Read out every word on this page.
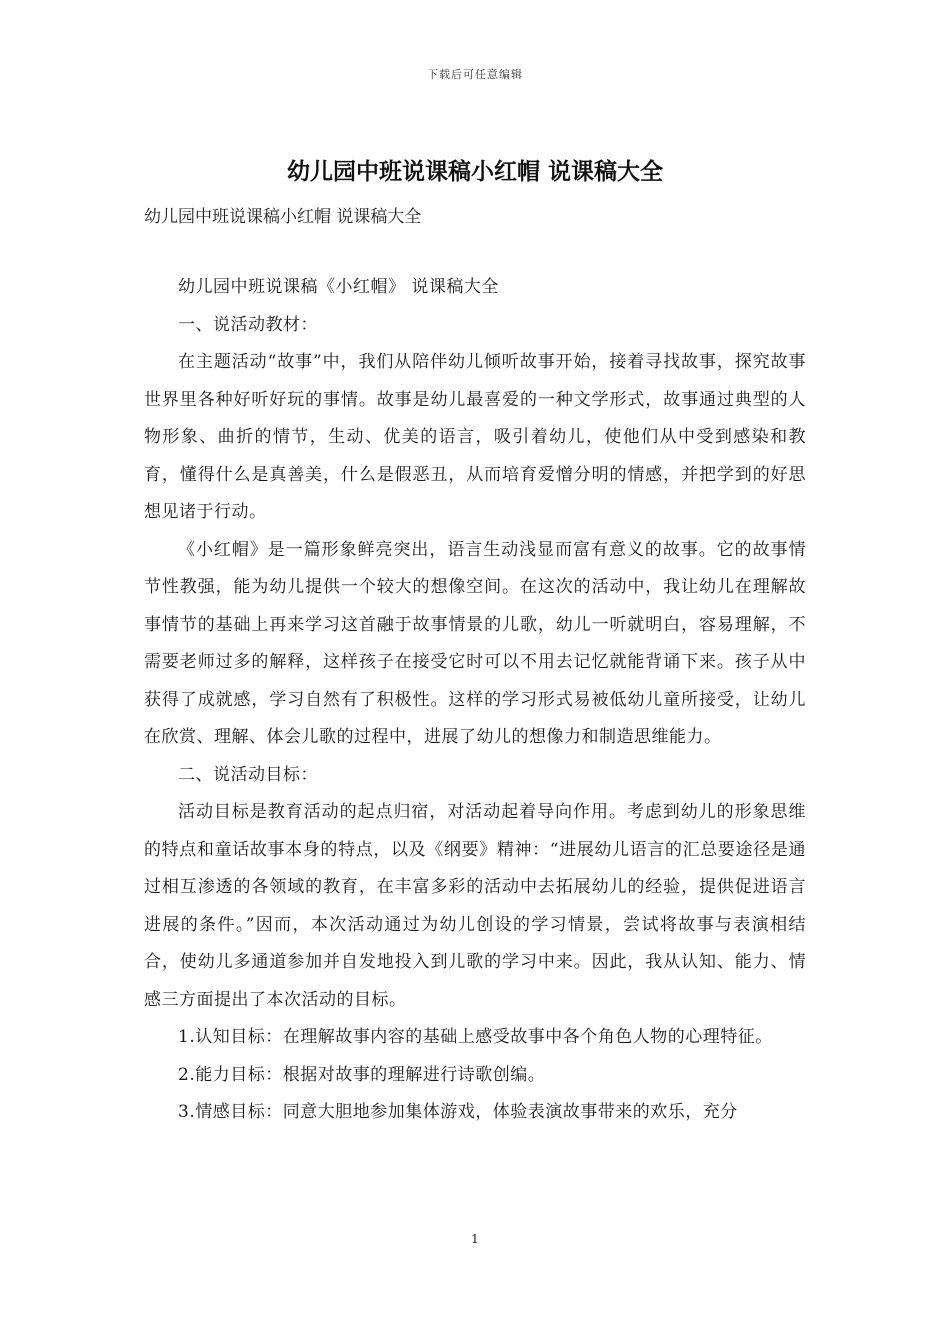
下载后可任意编辑
幼儿园中班说课稿小红帽 说课稿大全

幼儿园中班说课稿小红帽 说课稿大全

幼儿园中班说课稿《小红帽》 说课稿大全

一、说活动教材：

在主题活动“故事”中，我们从陪伴幼儿倾听故事开始，接着寻找故事，探究故事世界里各种好听好玩的事情。故事是幼儿最喜爱的一种文学形式，故事通过典型的人物形象、曲折的情节，生动、优美的语言，吸引着幼儿，使他们从中受到感染和教育，懂得什么是真善美，什么是假恶丑，从而培育爱憎分明的情感，并把学到的好思想见诸于行动。

《小红帽》是一篇形象鲜亮突出，语言生动浅显而富有意义的故事。它的故事情节性教强，能为幼儿提供一个较大的想像空间。在这次的活动中，我让幼儿在理解故事情节的基础上再来学习这首融于故事情景的儿歌，幼儿一听就明白，容易理解，不需要老师过多的解释，这样孩子在接受它时可以不用去记忆就能背诵下来。孩子从中获得了成就感，学习自然有了积极性。这样的学习形式易被低幼儿童所接受，让幼儿在欣赏、理解、体会儿歌的过程中，进展了幼儿的想像力和制造思维能力。

二、说活动目标：

活动目标是教育活动的起点归宿，对活动起着导向作用。考虑到幼儿的形象思维的特点和童话故事本身的特点，以及《纲要》精神：“进展幼儿语言的汇总要途径是通过相互渗透的各领域的教育，在丰富多彩的活动中去拓展幼儿的经验，提供促进语言进展的条件。”因而，本次活动通过为幼儿创设的学习情景，尝试将故事与表演相结合，使幼儿多通道参加并自发地投入到儿歌的学习中来。因此，我从认知、能力、情感三方面提出了本次活动的目标。

1.认知目标：在理解故事内容的基础上感受故事中各个角色人物的心理特征。

2.能力目标：根据对故事的理解进行诗歌创编。

3.情感目标：同意大胆地参加集体游戏，体验表演故事带来的欢乐，充分

1
